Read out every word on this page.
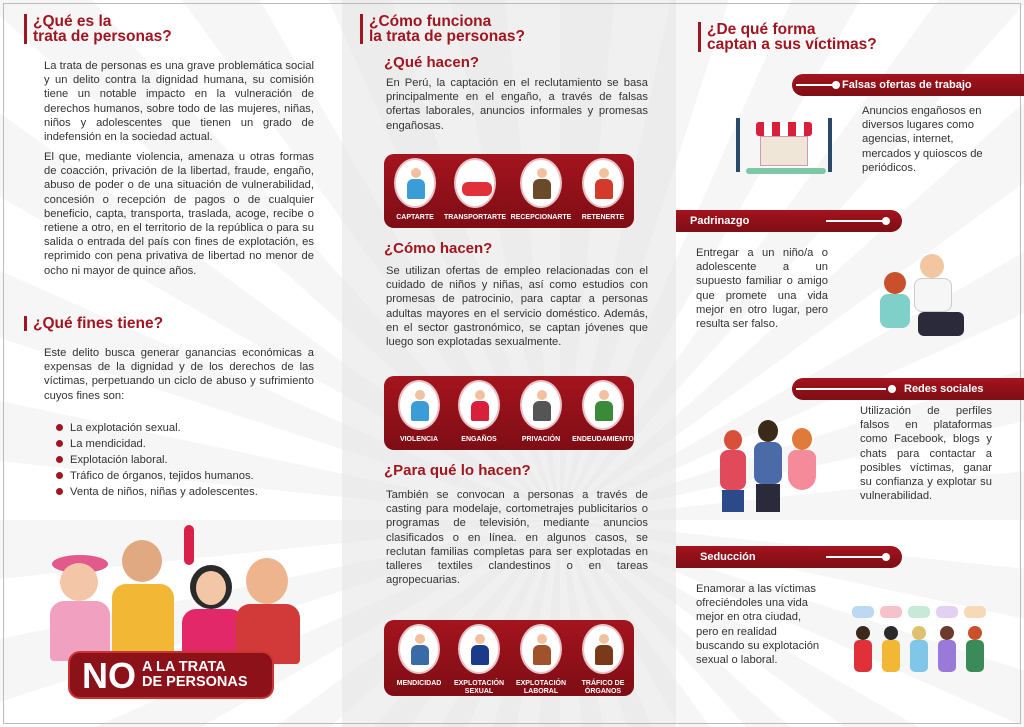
¿Qué es la
trata de personas?

La trata de personas es una grave problemática social y un delito contra la dignidad humana, su comisión tiene un notable impacto en la vulneración de derechos humanos, sobre todo de las mujeres, niñas, niños y adolescentes que tienen un grado de indefensión en la sociedad actual.

El que, mediante violencia, amenaza u otras formas de coacción, privación de la libertad, fraude, engaño, abuso de poder o de una situación de vulnerabilidad, concesión o recepción de pagos o de cualquier beneficio, capta, transporta, traslada, acoge, recibe o retiene a otro, en el territorio de la república o para su salida o entrada del país con fines de explotación, es reprimido con pena privativa de libertad no menor de ocho ni mayor de quince años.

¿Qué fines tiene?

Este delito busca generar ganancias económicas a expensas de la dignidad y de los derechos de las víctimas, perpetuando un ciclo de abuso y sufrimiento cuyos fines son:

La explotación sexual.
La mendicidad.
Explotación laboral.
Tráfico de órganos, tejidos humanos.
Venta de niños, niñas y adolescentes.
NO A LA TRATA
DE PERSONAS
¿Cómo funciona
la trata de personas?
¿Qué hacen?

En Perú, la captación en el reclutamiento se basa principalmente en el engaño, a través de falsas ofertas laborales, anuncios informales y promesas engañosas.

CAPTARTE	TRANSPORTARTE RECEPCIONARTE	RETENERTE
¿Cómo hacen?

Se utilizan ofertas de empleo relacionadas con el cuidado de niños y niñas, así como estudios con promesas de patrocinio, para captar a personas adultas mayores en el servicio doméstico. Además, en el sector gastronómico, se captan jóvenes que luego son explotadas sexualmente.

VIOLENCIA	ENGAÑOS	PRIVACIÓN	ENDEUDAMIENTO
¿Para qué lo hacen?

También se convocan a personas a través de casting para modelaje, cortometrajes publicitarios o programas de televisión, mediante anuncios clasificados o en línea. en algunos casos, se reclutan familias completas para ser explotadas en talleres textiles clandestinos o en tareas agropecuarias.

MENDICIDAD	EXPLOTACIÓN SEXUAL
EXPLOTACIÓN LABORAL
TRÁFICO DE ÓRGANOS
¿De qué forma
captan a sus víctimas?
Falsas ofertas de trabajo

Anuncios engañosos en diversos lugares como agencias, internet, mercados y quioscos de periódicos.

Padrinazgo

Entregar a un niño/a o adolescente a un supuesto familiar o amigo que promete una vida mejor en otro lugar, pero resulta ser falso.

Redes sociales

Utilización de perfiles falsos en plataformas como Facebook, blogs y chats para contactar a posibles víctimas, ganar su confianza y explotar su vulnerabilidad.

Seducción

Enamorar a las víctimas ofreciéndoles una vida mejor en otra ciudad, pero en realidad buscando su explotación sexual o laboral.
